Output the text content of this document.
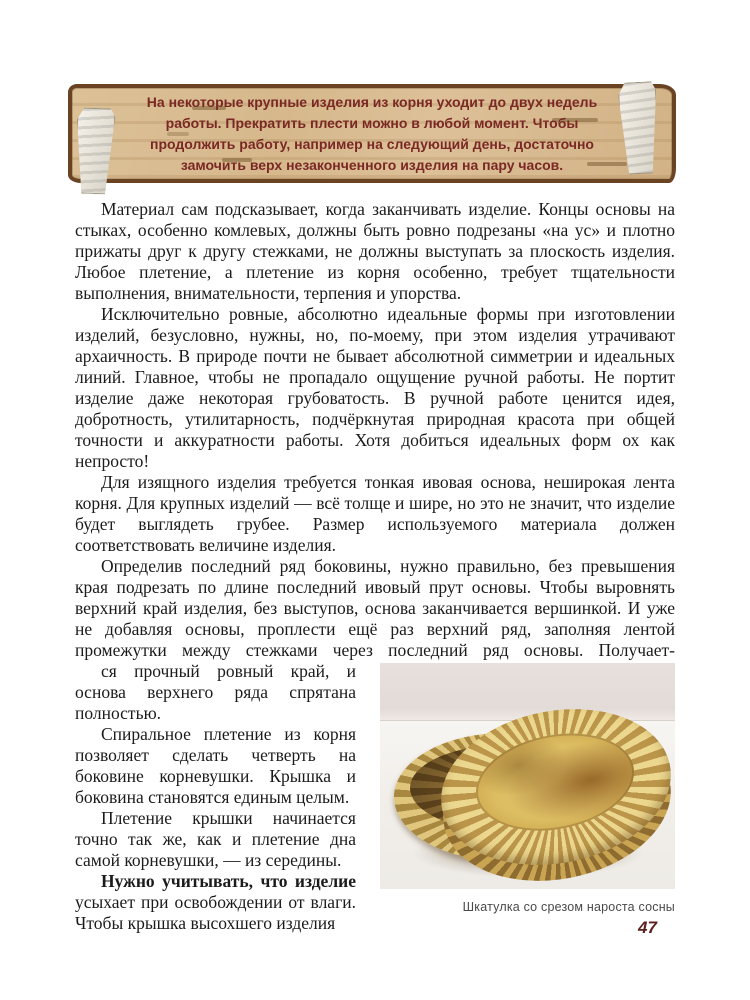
На некоторые крупные изделия из корня уходит до двух недель
работы. Прекратить плести можно в любой момент. Чтобы
продолжить работу, например на следующий день, достаточно
замочить верх незаконченного изделия на пару часов.

Материал сам подсказывает, когда заканчивать изделие. Концы основы на стыках, особенно комлевых, должны быть ровно подрезаны «на ус» и плотно прижаты друг к другу стежками, не должны выступать за плоскость изделия. Любое плетение, а плетение из корня особенно, требует тщательности выполнения, внимательности, терпения и упорства.

Исключительно ровные, абсолютно идеальные формы при изготовлении изделий, безусловно, нужны, но, по-моему, при этом изделия утрачивают архаичность. В природе почти не бывает абсолютной симметрии и идеальных линий. Главное, чтобы не пропадало ощущение ручной работы. Не портит изделие даже некоторая грубоватость. В ручной работе ценится идея, добротность, утилитарность, подчёркнутая природная красота при общей точности и аккуратности работы. Хотя добиться идеальных форм ох как непросто!

Для изящного изделия требуется тонкая ивовая основа, неширокая лента корня. Для крупных изделий — всё толще и шире, но это не значит, что изделие будет выглядеть грубее. Размер используемого материала должен соответствовать величине изделия.

Определив последний ряд боковины, нужно правильно, без превышения края подрезать по длине последний ивовый прут основы. Чтобы выровнять верхний край изделия, без выступов, основа заканчивается вершинкой. И уже не добавляя основы, проплести ещё раз верхний ряд, заполняя лентой промежутки между стежками через последний ряд основы. Получает-

Шкатулка со срезом нароста сосны

ся прочный ровный край, и основа верхнего ряда спрятана полностью.

Спиральное плетение из корня позволяет сделать четверть на боковине корневушки. Крышка и боковина становятся единым целым.

Плетение крышки начинается точно так же, как и плетение дна самой корневушки, — из середины.

Нужно учитывать, что изделие усыхает при освобождении от влаги. Чтобы крышка высохшего изделия	47
